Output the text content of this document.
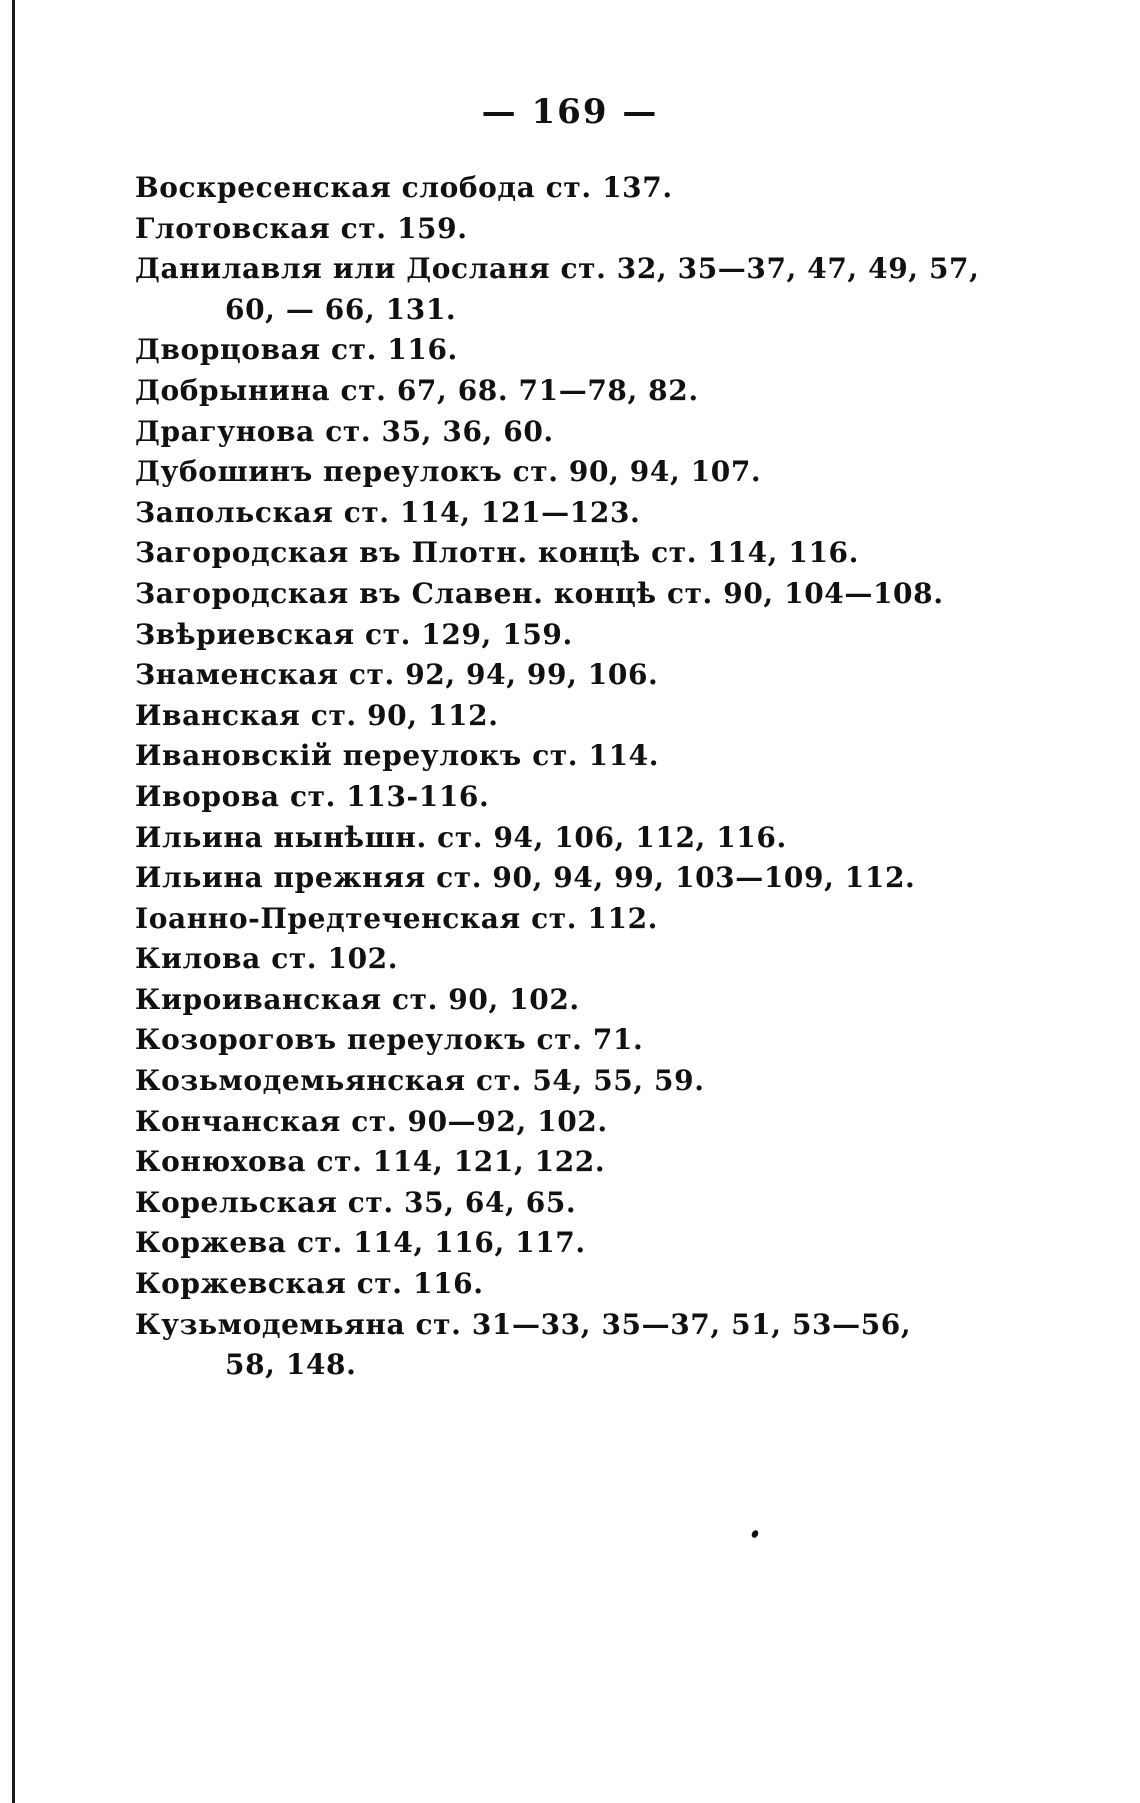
— 169 —
Воскресенская слобода ст. 137.
Глотовская ст. 159.
Данилавля или Досланя ст. 32, 35—37, 47, 49, 57,
60, — 66, 131.
Дворцовая ст. 116.
Добрынина ст. 67, 68. 71—78, 82.
Драгунова ст. 35, 36, 60.
Дубошинъ переулокъ ст. 90, 94, 107.
Запольская ст. 114, 121—123.
Загородская въ Плотн. концѣ ст. 114, 116.
Загородская въ Славен. концѣ ст. 90, 104—108.
Звѣриевская ст. 129, 159.
Знаменская ст. 92, 94, 99, 106.
Иванская ст. 90, 112.
Ивановскій переулокъ ст. 114.
Иворова ст. 113-116.
Ильина нынѣшн. ст. 94, 106, 112, 116.
Ильина прежняя ст. 90, 94, 99, 103—109, 112.
Іоанно-Предтеченская ст. 112.
Килова ст. 102.
Кироиванская ст. 90, 102.
Козороговъ переулокъ ст. 71.
Козьмодемьянская ст. 54, 55, 59.
Кончанская ст. 90—92, 102.
Конюхова ст. 114, 121, 122.
Корельская ст. 35, 64, 65.
Коржева ст. 114, 116, 117.
Коржевская ст. 116.
Кузьмодемьяна ст. 31—33, 35—37, 51, 53—56,
58, 148.
